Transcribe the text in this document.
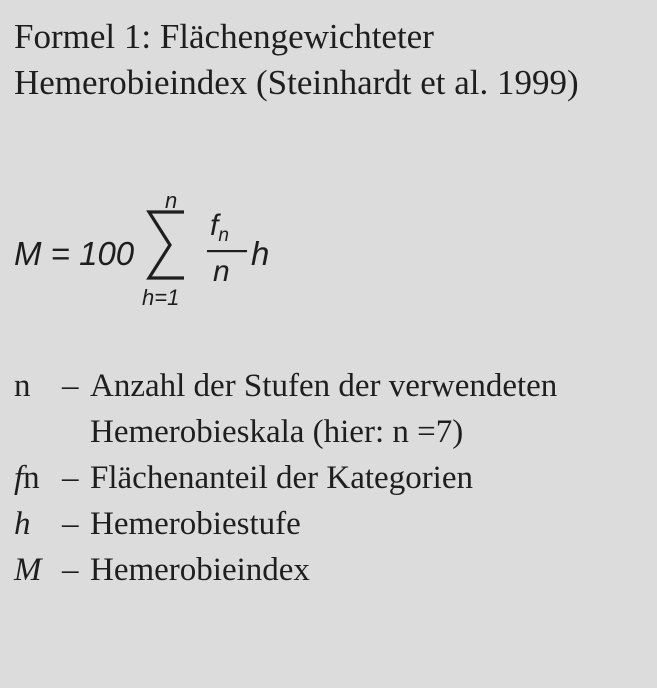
Formel 1: Flächengewichteter Hemerobieindex (Steinhardt et al. 1999)
M = 100
n
h=1
$f_n$
n h
n – Anzahl der Stufen der verwendeten Hemerobieskala (hier: n =7)
fn – Flächenanteil der Kategorien
h – Hemerobiestufe
M – Hemerobieindex
